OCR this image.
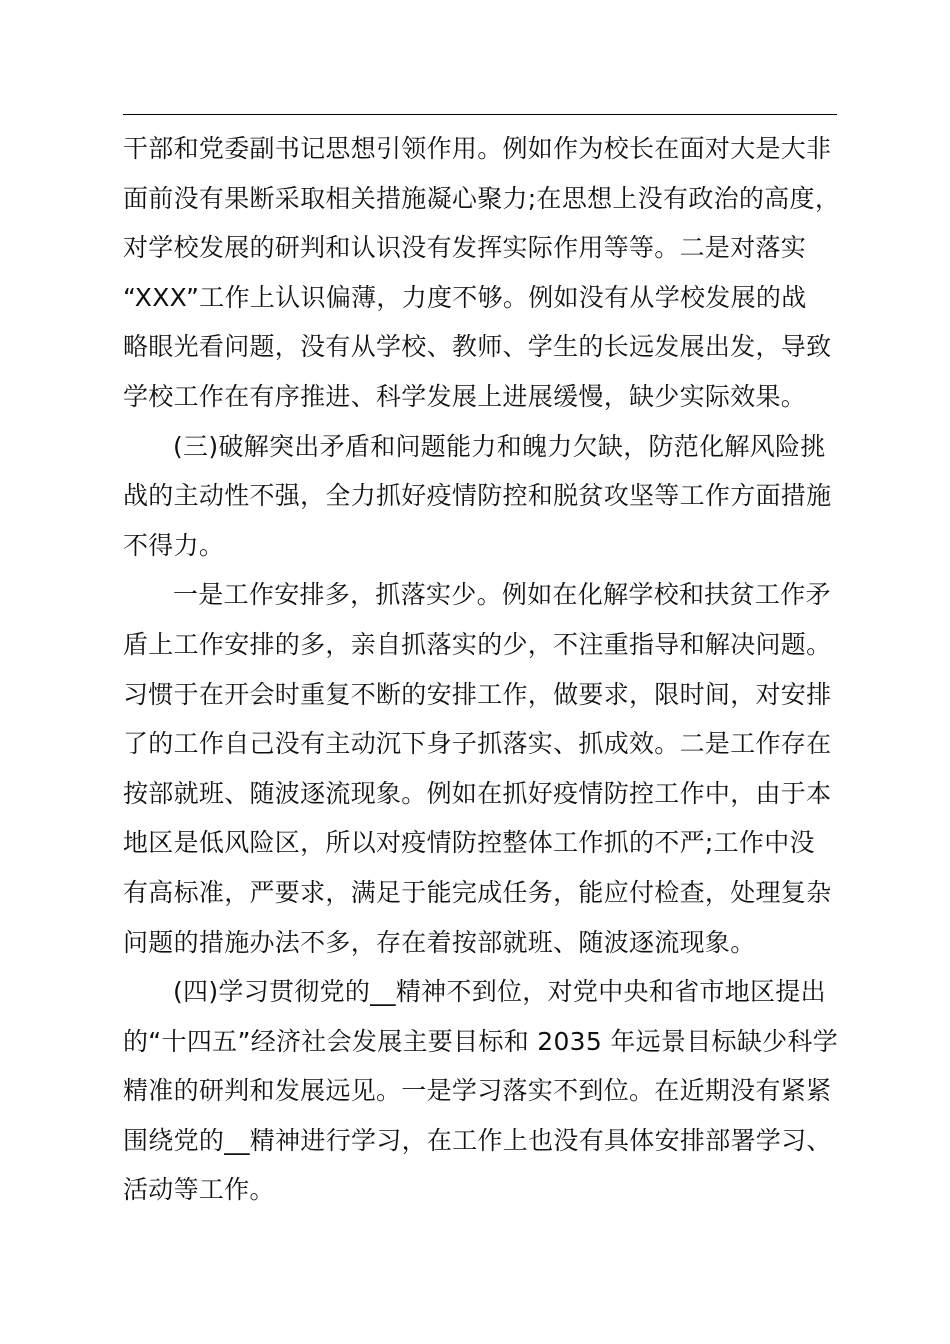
干部和党委副书记思想引领作用。例如作为校长在面对大是大非
面前没有果断采取相关措施凝心聚力;在思想上没有政治的高度，
对学校发展的研判和认识没有发挥实际作用等等。二是对落实
“XXX”工作上认识偏薄，力度不够。例如没有从学校发展的战
略眼光看问题，没有从学校、教师、学生的长远发展出发，导致
学校工作在有序推进、科学发展上进展缓慢，缺少实际效果。
(三)破解突出矛盾和问题能力和魄力欠缺，防范化解风险挑
战的主动性不强，全力抓好疫情防控和脱贫攻坚等工作方面措施
不得力。
一是工作安排多，抓落实少。例如在化解学校和扶贫工作矛
盾上工作安排的多，亲自抓落实的少，不注重指导和解决问题。
习惯于在开会时重复不断的安排工作，做要求，限时间，对安排
了的工作自己没有主动沉下身子抓落实、抓成效。二是工作存在
按部就班、随波逐流现象。例如在抓好疫情防控工作中，由于本
地区是低风险区，所以对疫情防控整体工作抓的不严;工作中没
有高标准，严要求，满足于能完成任务，能应付检查，处理复杂
问题的措施办法不多，存在着按部就班、随波逐流现象。
(四)学习贯彻党的__精神不到位，对党中央和省市地区提出
的“十四五”经济社会发展主要目标和 2035 年远景目标缺少科学
精准的研判和发展远见。一是学习落实不到位。在近期没有紧紧
围绕党的__精神进行学习，在工作上也没有具体安排部署学习、
活动等工作。
